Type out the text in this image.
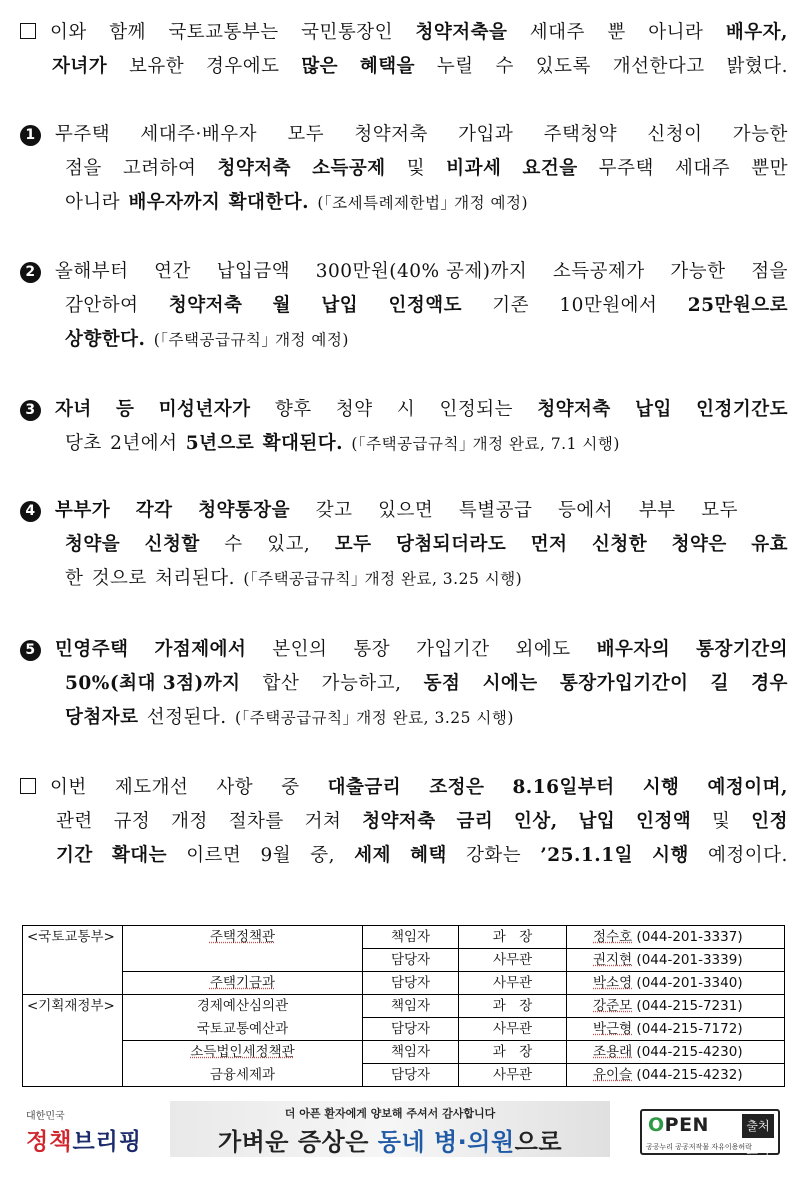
이와 함께 국토교통부는 국민통장인 청약저축을 세대주 뿐 아니라 배우자,
자녀가 보유한 경우에도 많은 혜택을 누릴 수 있도록 개선한다고 밝혔다.
1 무주택 세대주·배우자 모두 청약저축 가입과 주택청약 신청이 가능한
점을 고려하여 청약저축 소득공제 및 비과세 요건을 무주택 세대주 뿐만
아니라 배우자까지 확대한다. (｢조세특례제한법｣ 개정 예정)
2 올해부터 연간 납입금액 300만원(40% 공제)까지 소득공제가 가능한 점을
감안하여 청약저축 월 납입 인정액도 기존 10만원에서 25만원으로
상향한다. (｢주택공급규칙｣ 개정 예정)
3 자녀 등 미성년자가 향후 청약 시 인정되는 청약저축 납입 인정기간도
당초 2년에서 5년으로 확대된다. (｢주택공급규칙｣ 개정 완료, 7.1 시행)
4 부부가 각각 청약통장을 갖고 있으면 특별공급 등에서 부부 모두
청약을 신청할 수 있고, 모두 당첨되더라도 먼저 신청한 청약은 유효
한 것으로 처리된다. (｢주택공급규칙｣ 개정 완료, 3.25 시행)
5 민영주택 가점제에서 본인의 통장 가입기간 외에도 배우자의 통장기간의
50%(최대 3점)까지 합산 가능하고, 동점 시에는 통장가입기간이 길 경우
당첨자로 선정된다. (｢주택공급규칙｣ 개정 완료, 3.25 시행)
이번 제도개선 사항 중 대출금리 조정은 8.16일부터 시행 예정이며,
관련 규정 개정 절차를 거쳐 청약저축 금리 인상, 납입 인정액 및 인정
기간 확대는 이르면 9월 중, 세제 혜택 강화는 ’25.1.1일 시행 예정이다.
<국토교통부>	주택정책관	책임자	과　장	정수호 (044-201-3337)
		담당자	사무관	권지현 (044-201-3339)
	주택기금과	담당자	사무관	박소영 (044-201-3340)
<기획재정부>	경제예산심의관	책임자	과　장	강준모 (044-215-7231)
	국토교통예산과	담당자	사무관	박근형 (044-215-7172)
	소득법인세정책관	책임자	과　장	조용래 (044-215-4230)
	금융세제과	담당자	사무관	유이슬 (044-215-4232)
대한민국
정책브리핑
더 아픈 환자에게 양보해 주셔서 감사합니다
가벼운 증상은 동네 병·의원으로
OPEN	출처표시
공공누리 공공저작물 자유이용허락
